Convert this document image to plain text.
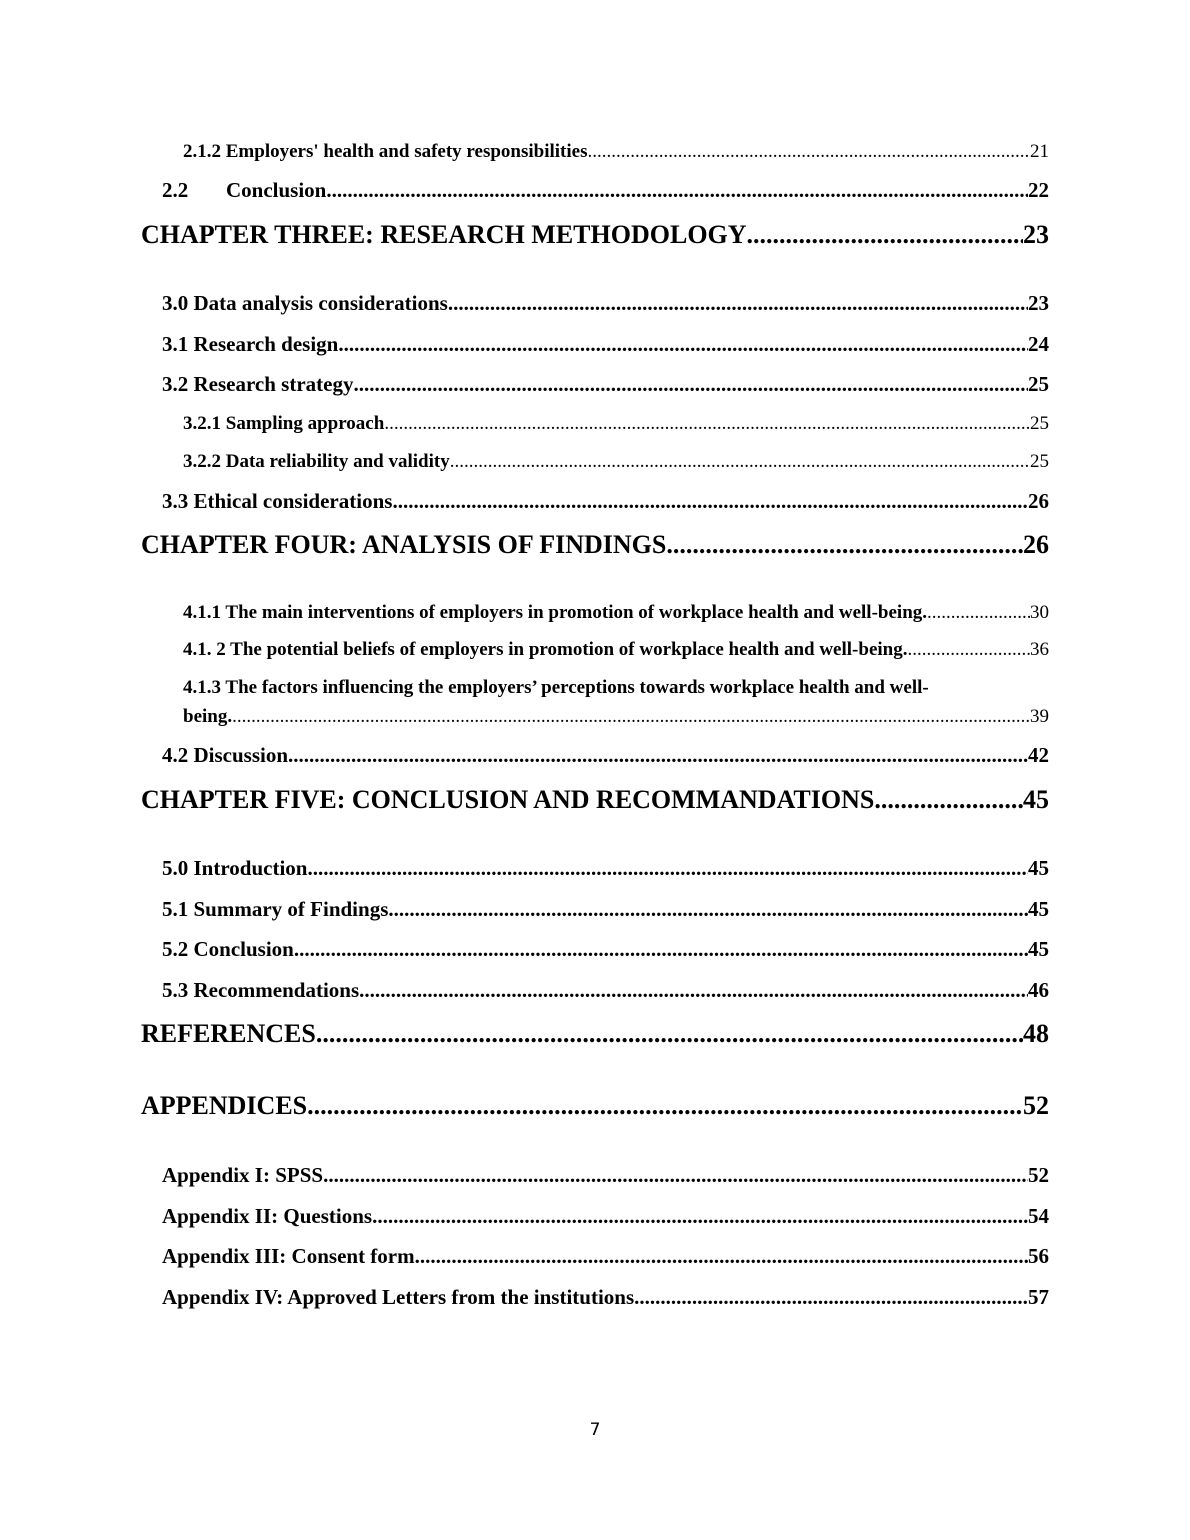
2.1.2 Employers' health and safety responsibilities .....	21
2.2 Conclusion .....	22
CHAPTER THREE: RESEARCH METHODOLOGY .....	23
3.0 Data analysis considerations .....	23
3.1 Research design .....	24
3.2 Research strategy .....	25
3.2.1 Sampling approach .....	25
3.2.2 Data reliability and validity .....	25
3.3 Ethical considerations .....	26
CHAPTER FOUR: ANALYSIS OF FINDINGS .....	26
4.1.1 The main interventions of employers in promotion of workplace health and well-being. .....	30
4.1. 2 The potential beliefs of employers in promotion of workplace health and well-being. .....	36
4.1.3 The factors influencing the employers’ perceptions towards workplace health and well-
being. .....	39
4.2 Discussion .....	42
CHAPTER FIVE: CONCLUSION AND RECOMMANDATIONS .....	45
5.0 Introduction .....	45
5.1 Summary of Findings .....	45
5.2 Conclusion .....	45
5.3 Recommendations .....	46
REFERENCES .....	48
APPENDICES .....	52
Appendix I: SPSS .....	52
Appendix II: Questions .....	54
Appendix III: Consent form .....	56
Appendix IV: Approved Letters from the institutions .....	57
7
